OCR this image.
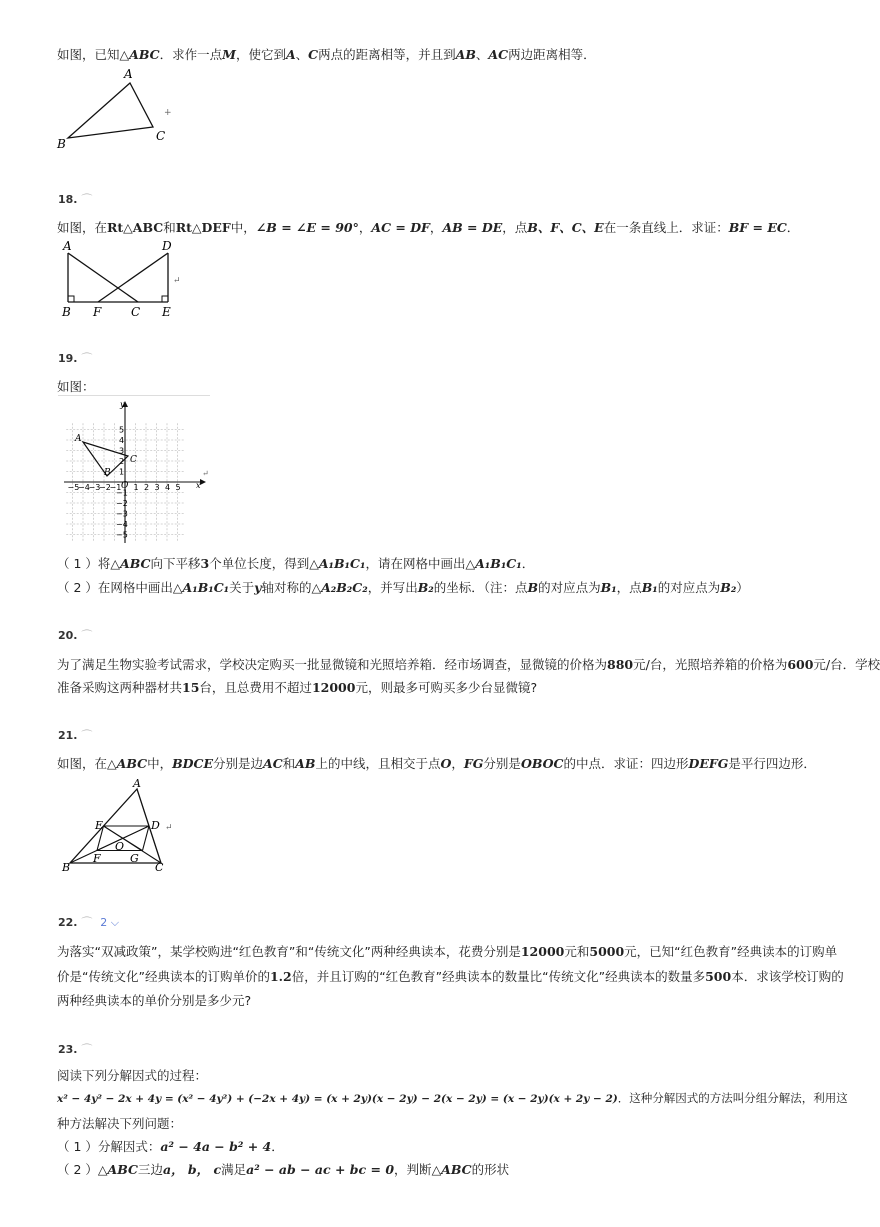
如图，已知△ABC．求作一点M，使它到A、C两点的距离相等，并且到AB、AC两边距离相等．
A
B
C
+
18. ⌒
如图，在Rt△ABC和Rt△DEF中，∠B = ∠E = 90°，AC = DF，AB = DE，点B、F、C、E在一条直线上．求证：BF = EC．
A	D
B F C E
↵
19. ⌒
如图：
y
x
−5
−4
−3
−2
−1 1 2 3 4 5
5
4
3
2
1
−1
−2
−3
−4
−5
O
A
B
C
↵
（ 1 ）将△ABC向下平移3个单位长度，得到△A₁B₁C₁，请在网格中画出△A₁B₁C₁．
（ 2 ）在网格中画出△A₁B₁C₁关于y轴对称的△A₂B₂C₂，并写出B₂的坐标．（注：点B的对应点为B₁，点B₁的对应点为B₂）
20. ⌒
为了满足生物实验考试需求，学校决定购买一批显微镜和光照培养箱．经市场调查，显微镜的价格为880元/台，光照培养箱的价格为600元/台．学校
准备采购这两种器材共15台，且总费用不超过12000元，则最多可购买多少台显微镜?
21. ⌒
如图，在△ABC中，BDCE分别是边AC和AB上的中线，且相交于点O，FG分别是OBOC的中点．求证：四边形DEFG是平行四边形．
A
E	D
O
F	G
B	C
↵
22. ⌒ 2 ⌵
为落实“双减政策”，某学校购进“红色教育”和“传统文化”两种经典读本，花费分别是12000元和5000元，已知“红色教育”经典读本的订购单
价是“传统文化”经典读本的订购单价的1.2倍，并且订购的“红色教育”经典读本的数量比“传统文化”经典读本的数量多500本．求该学校订购的
两种经典读本的单价分别是多少元?
23. ⌒
阅读下列分解因式的过程：
x² − 4y² − 2x + 4y = (x² − 4y²) + (−2x + 4y) = (x + 2y)(x − 2y) − 2(x − 2y) = (x − 2y)(x + 2y − 2)．这种分解因式的方法叫分组分解法，利用这
种方法解决下列问题：
（ 1 ）分解因式：a² − 4a − b² + 4．
（ 2 ）△ABC三边a， b， c满足a² − ab − ac + bc = 0，判断△ABC的形状
